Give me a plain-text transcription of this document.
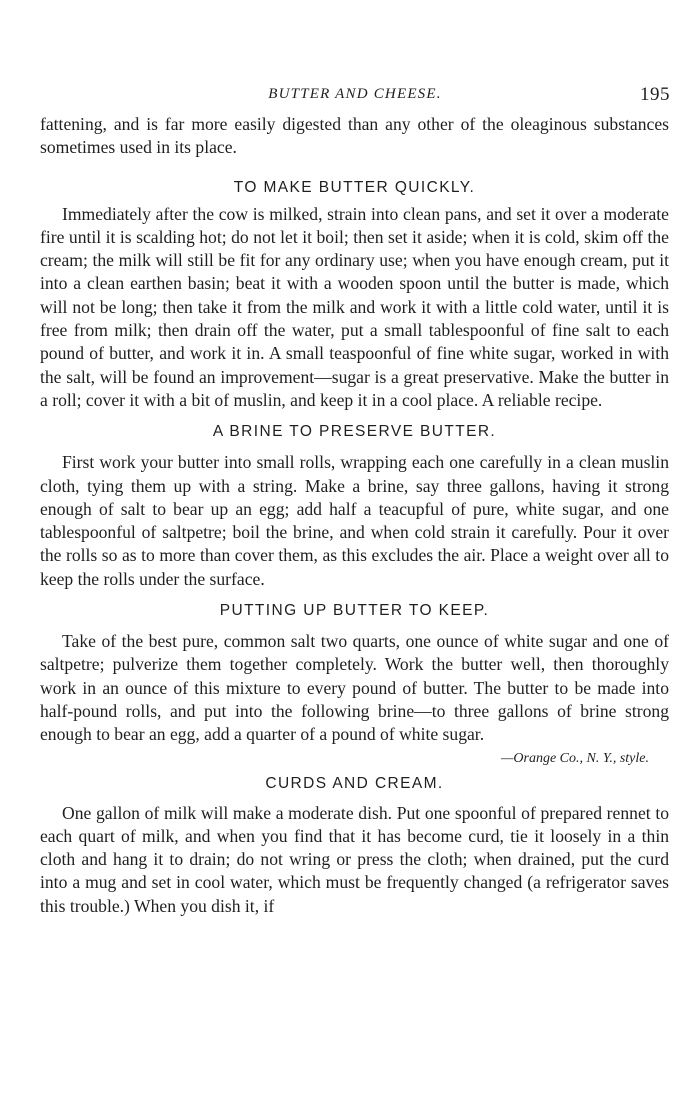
BUTTER AND CHEESE.	195

fattening, and is far more easily digested than any other of the oleaginous substances sometimes used in its place.

TO MAKE BUTTER QUICKLY.

Immediately after the cow is milked, strain into clean pans, and set it over a moderate fire until it is scalding hot; do not let it boil; then set it aside; when it is cold, skim off the cream; the milk will still be fit for any ordinary use; when you have enough cream, put it into a clean earthen basin; beat it with a wooden spoon until the butter is made, which will not be long; then take it from the milk and work it with a little cold water, until it is free from milk; then drain off the water, put a small tablespoonful of fine salt to each pound of butter, and work it in. A small teaspoonful of fine white sugar, worked in with the salt, will be found an improvement—sugar is a great preservative. Make the butter in a roll; cover it with a bit of muslin, and keep it in a cool place. A reliable recipe.

A BRINE TO PRESERVE BUTTER.

First work your butter into small rolls, wrapping each one carefully in a clean muslin cloth, tying them up with a string. Make a brine, say three gallons, having it strong enough of salt to bear up an egg; add half a teacupful of pure, white sugar, and one tablespoonful of saltpetre; boil the brine, and when cold strain it carefully. Pour it over the rolls so as to more than cover them, as this excludes the air. Place a weight over all to keep the rolls under the surface.

PUTTING UP BUTTER TO KEEP.

Take of the best pure, common salt two quarts, one ounce of white sugar and one of saltpetre; pulverize them together completely. Work the butter well, then thoroughly work in an ounce of this mixture to every pound of butter. The butter to be made into half-pound rolls, and put into the following brine—to three gallons of brine strong enough to bear an egg, add a quarter of a pound of white sugar.

—Orange Co., N. Y., style.
CURDS AND CREAM.

One gallon of milk will make a moderate dish. Put one spoonful of prepared rennet to each quart of milk, and when you find that it has become curd, tie it loosely in a thin cloth and hang it to drain; do not wring or press the cloth; when drained, put the curd into a mug and set in cool water, which must be frequently changed (a refrigerator saves this trouble.) When you dish it, if
